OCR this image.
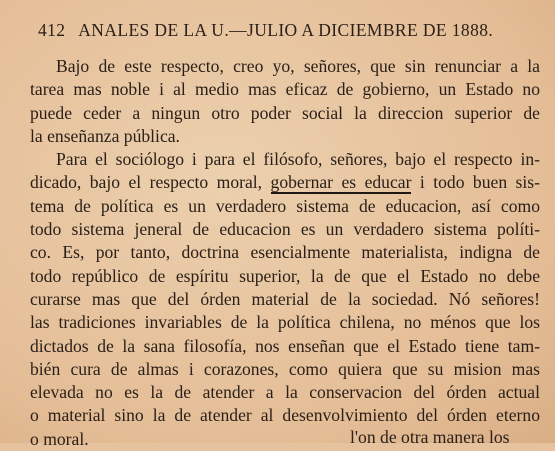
412 ANALES DE LA U.—JULIO A DICIEMBRE DE 1888.
Bajo de este respecto, creo yo, señores, que sin renunciar a la
tarea mas noble i al medio mas eficaz de gobierno, un Estado no
puede ceder a ningun otro poder social la direccion superior de
la enseñanza pública.
Para el sociólogo i para el filósofo, señores, bajo el respecto in-
dicado, bajo el respecto moral, gobernar es educar i todo buen sis-
tema de política es un verdadero sistema de educacion, así como
todo sistema jeneral de educacion es un verdadero sistema políti-
co. Es, por tanto, doctrina esencialmente materialista, indigna de
todo repúblico de espíritu superior, la de que el Estado no debe
curarse mas que del órden material de la sociedad. Nó señores!
las tradiciones invariables de la política chilena, no ménos que los
dictados de la sana filosofía, nos enseñan que el Estado tiene tam-
bién cura de almas i corazones, como quiera que su mision mas
elevada no es la de atender a la conservacion del órden actual
o material sino la de atender al desenvolvimiento del órden eterno
o moral.	l'on de otra manera los
